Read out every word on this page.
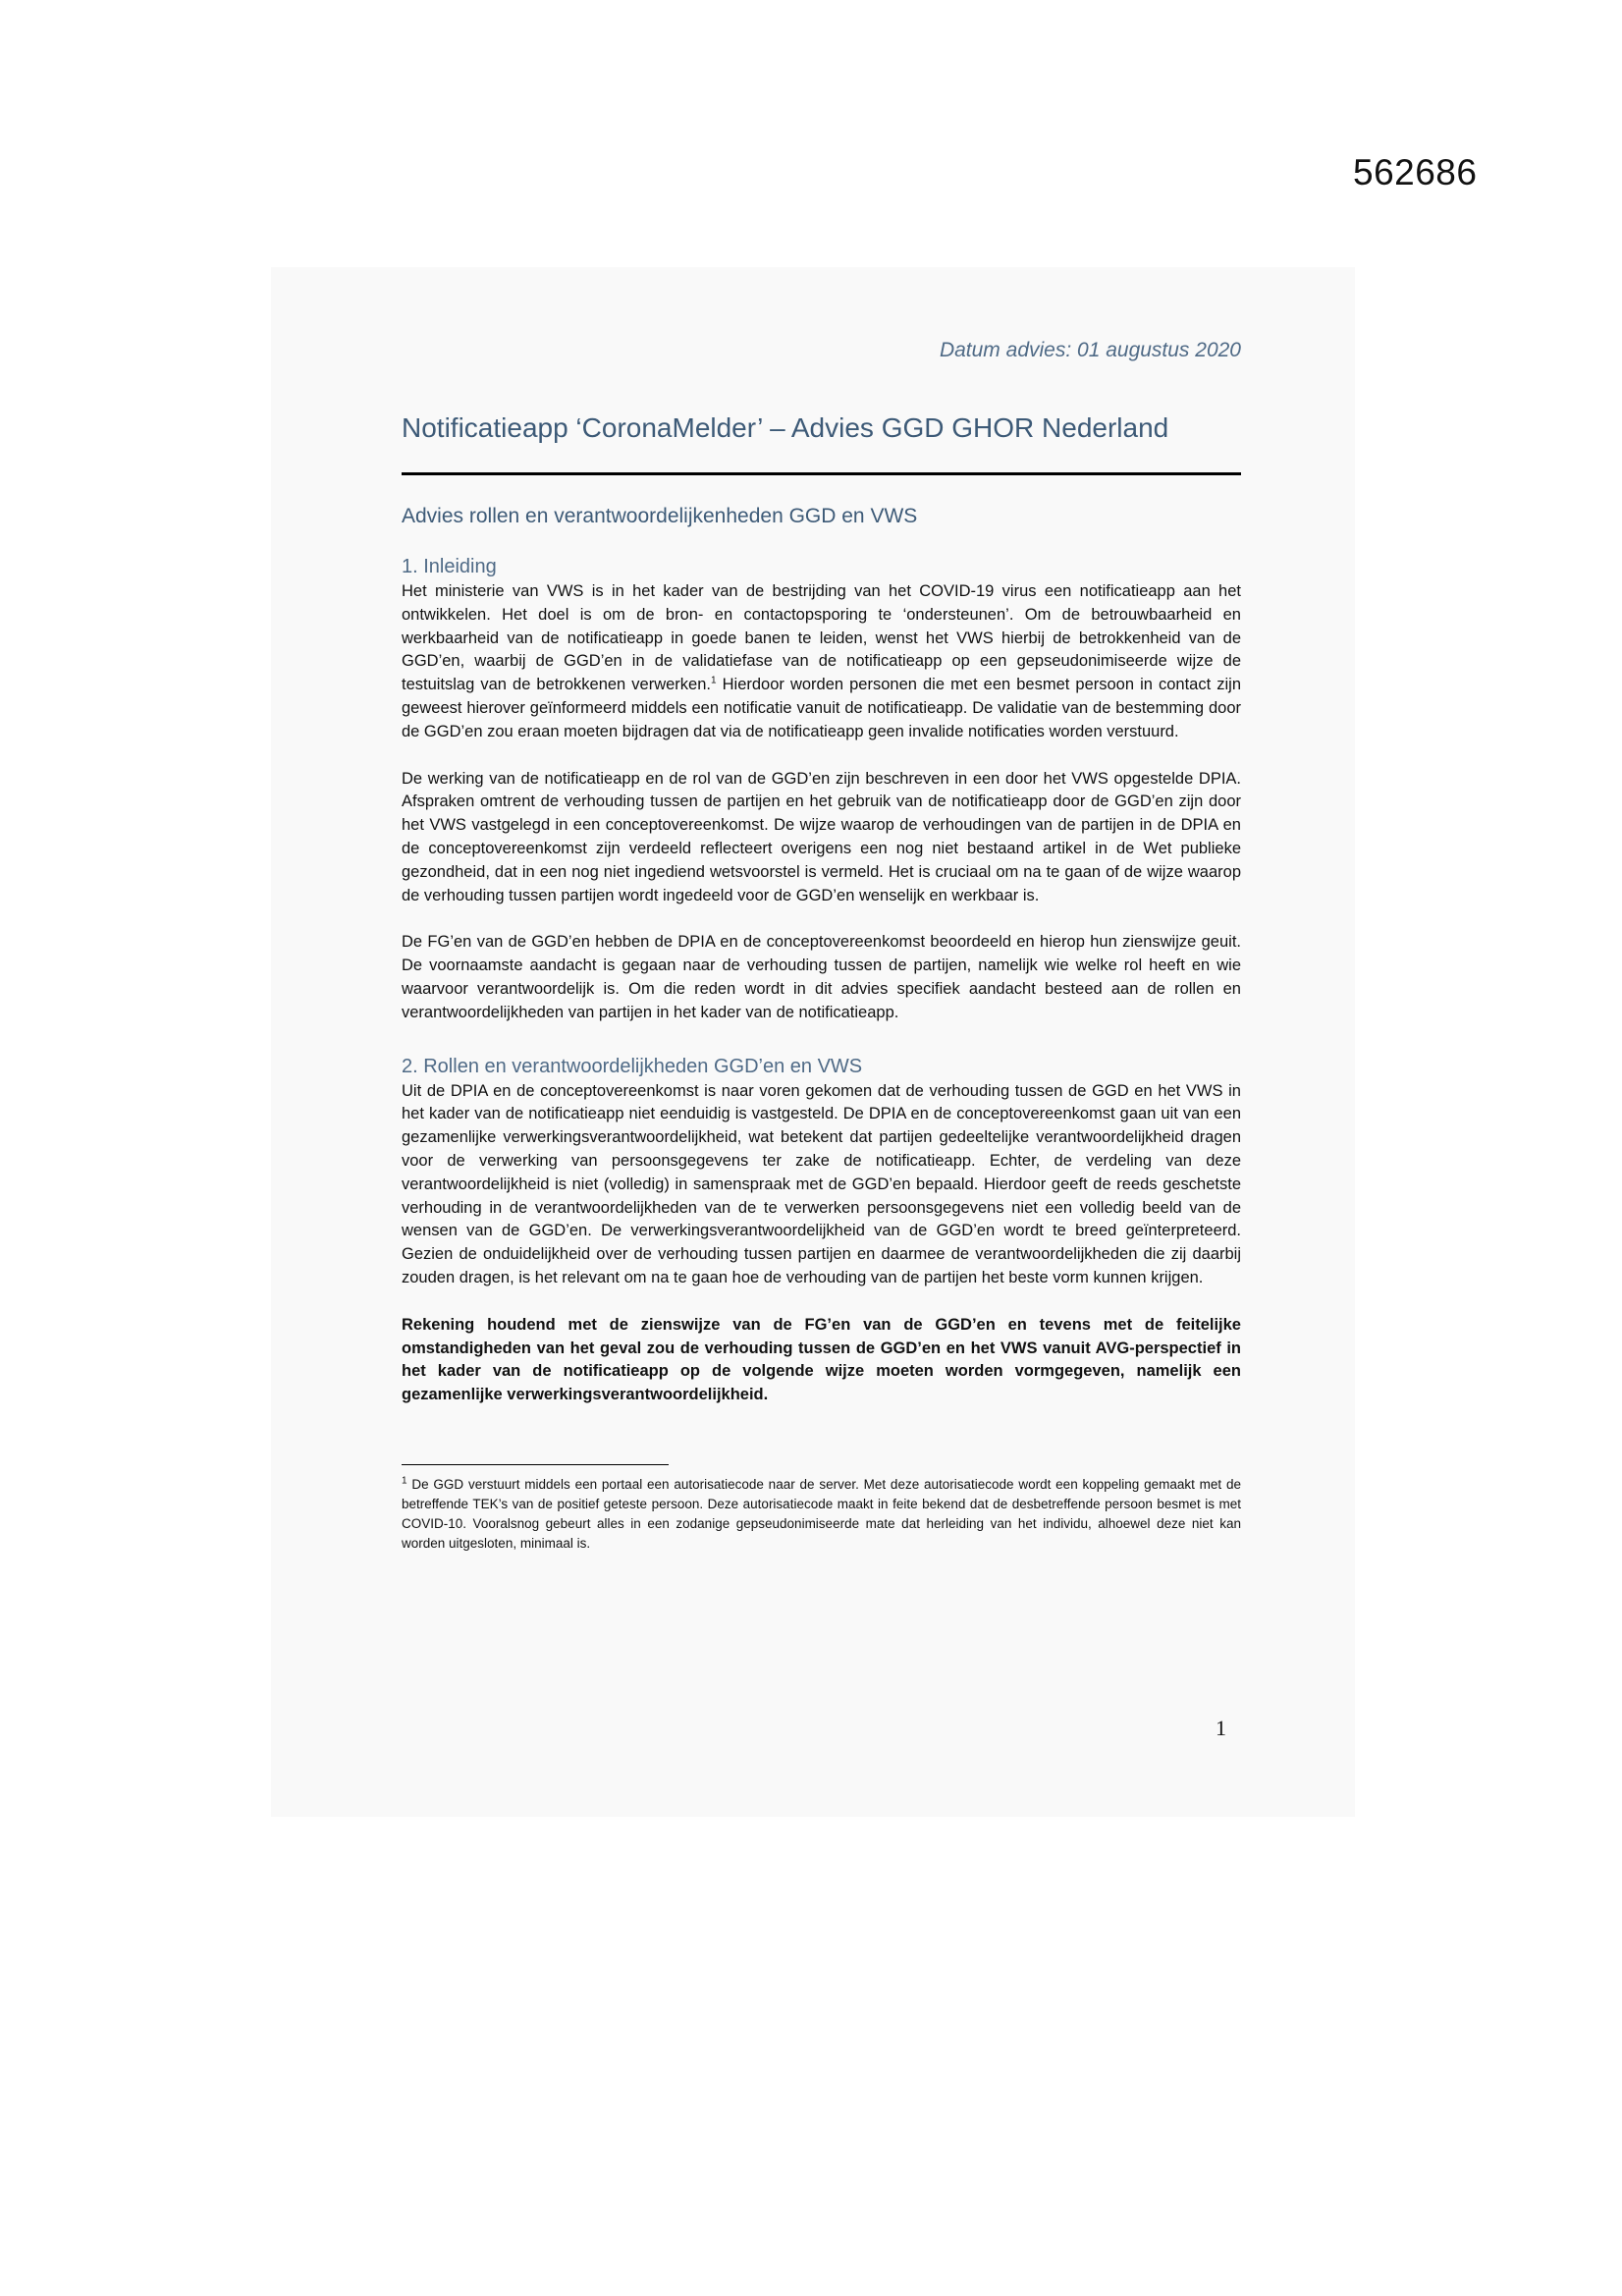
562686
Datum advies: 01 augustus 2020
Notificatieapp ‘CoronaMelder’ – Advies GGD GHOR Nederland
Advies rollen en verantwoordelijkenheden GGD en VWS
1. Inleiding

Het ministerie van VWS is in het kader van de bestrijding van het COVID-19 virus een notificatieapp aan het ontwikkelen. Het doel is om de bron- en contactopsporing te ‘ondersteunen’. Om de betrouwbaarheid en werkbaarheid van de notificatieapp in goede banen te leiden, wenst het VWS hierbij de betrokkenheid van de GGD’en, waarbij de GGD’en in de validatiefase van de notificatieapp op een gepseudonimiseerde wijze de testuitslag van de betrokkenen verwerken.$^1$ Hierdoor worden personen die met een besmet persoon in contact zijn geweest hierover geïnformeerd middels een notificatie vanuit de notificatieapp. De validatie van de bestemming door de GGD’en zou eraan moeten bijdragen dat via de notificatieapp geen invalide notificaties worden verstuurd.

De werking van de notificatieapp en de rol van de GGD’en zijn beschreven in een door het VWS opgestelde DPIA. Afspraken omtrent de verhouding tussen de partijen en het gebruik van de notificatieapp door de GGD’en zijn door het VWS vastgelegd in een conceptovereenkomst. De wijze waarop de verhoudingen van de partijen in de DPIA en de conceptovereenkomst zijn verdeeld reflecteert overigens een nog niet bestaand artikel in de Wet publieke gezondheid, dat in een nog niet ingediend wetsvoorstel is vermeld. Het is cruciaal om na te gaan of de wijze waarop de verhouding tussen partijen wordt ingedeeld voor de GGD’en wenselijk en werkbaar is.

De FG’en van de GGD’en hebben de DPIA en de conceptovereenkomst beoordeeld en hierop hun zienswijze geuit. De voornaamste aandacht is gegaan naar de verhouding tussen de partijen, namelijk wie welke rol heeft en wie waarvoor verantwoordelijk is. Om die reden wordt in dit advies specifiek aandacht besteed aan de rollen en verantwoordelijkheden van partijen in het kader van de notificatieapp.

2. Rollen en verantwoordelijkheden GGD’en en VWS

Uit de DPIA en de conceptovereenkomst is naar voren gekomen dat de verhouding tussen de GGD en het VWS in het kader van de notificatieapp niet eenduidig is vastgesteld. De DPIA en de conceptovereenkomst gaan uit van een gezamenlijke verwerkingsverantwoordelijkheid, wat betekent dat partijen gedeeltelijke verantwoordelijkheid dragen voor de verwerking van persoonsgegevens ter zake de notificatieapp. Echter, de verdeling van deze verantwoordelijkheid is niet (volledig) in samenspraak met de GGD’en bepaald. Hierdoor geeft de reeds geschetste verhouding in de verantwoordelijkheden van de te verwerken persoonsgegevens niet een volledig beeld van de wensen van de GGD’en. De verwerkingsverantwoordelijkheid van de GGD’en wordt te breed geïnterpreteerd. Gezien de onduidelijkheid over de verhouding tussen partijen en daarmee de verantwoordelijkheden die zij daarbij zouden dragen, is het relevant om na te gaan hoe de verhouding van de partijen het beste vorm kunnen krijgen.

Rekening houdend met de zienswijze van de FG’en van de GGD’en en tevens met de feitelijke omstandigheden van het geval zou de verhouding tussen de GGD’en en het VWS vanuit AVG-perspectief in het kader van de notificatieapp op de volgende wijze moeten worden vormgegeven, namelijk een gezamenlijke verwerkingsverantwoordelijkheid.

$^1$ De GGD verstuurt middels een portaal een autorisatiecode naar de server. Met deze autorisatiecode wordt een koppeling gemaakt met de betreffende TEK’s van de positief geteste persoon. Deze autorisatiecode maakt in feite bekend dat de desbetreffende persoon besmet is met COVID-10. Vooralsnog gebeurt alles in een zodanige gepseudonimiseerde mate dat herleiding van het individu, alhoewel deze niet kan worden uitgesloten, minimaal is.

1
